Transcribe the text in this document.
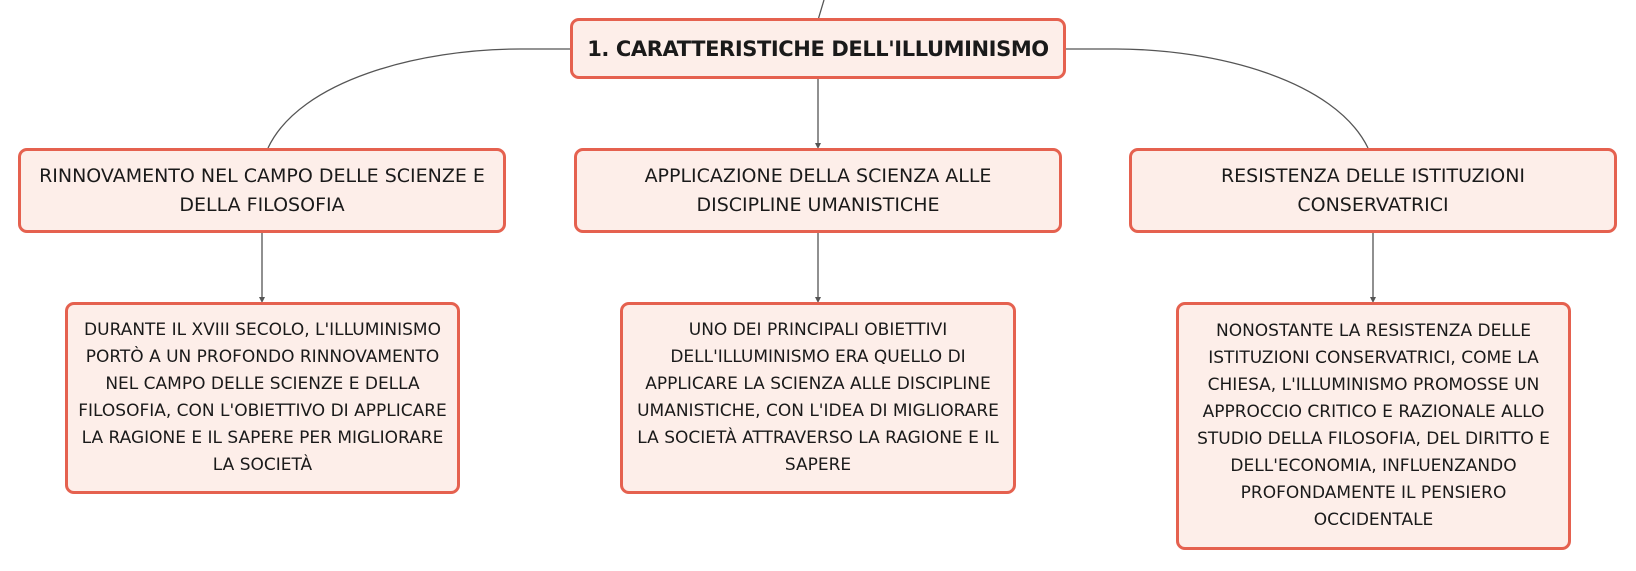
1. CARATTERISTICHE DELL'ILLUMINISMO
RINNOVAMENTO NEL CAMPO DELLE SCIENZE E DELLA FILOSOFIA
APPLICAZIONE DELLA SCIENZA ALLE DISCIPLINE UMANISTICHE
RESISTENZA DELLE ISTITUZIONI CONSERVATRICI
DURANTE IL XVIII SECOLO, L'ILLUMINISMO PORTÒ A UN PROFONDO RINNOVAMENTO NEL CAMPO DELLE SCIENZE E DELLA FILOSOFIA, CON L'OBIETTIVO DI APPLICARE LA RAGIONE E IL SAPERE PER MIGLIORARE LA SOCIETÀ
UNO DEI PRINCIPALI OBIETTIVI DELL'ILLUMINISMO ERA QUELLO DI APPLICARE LA SCIENZA ALLE DISCIPLINE UMANISTICHE, CON L'IDEA DI MIGLIORARE LA SOCIETÀ ATTRAVERSO LA RAGIONE E IL SAPERE
NONOSTANTE LA RESISTENZA DELLE ISTITUZIONI CONSERVATRICI, COME LA CHIESA, L'ILLUMINISMO PROMOSSE UN APPROCCIO CRITICO E RAZIONALE ALLO STUDIO DELLA FILOSOFIA, DEL DIRITTO E DELL'ECONOMIA, INFLUENZANDO PROFONDAMENTE IL PENSIERO OCCIDENTALE
